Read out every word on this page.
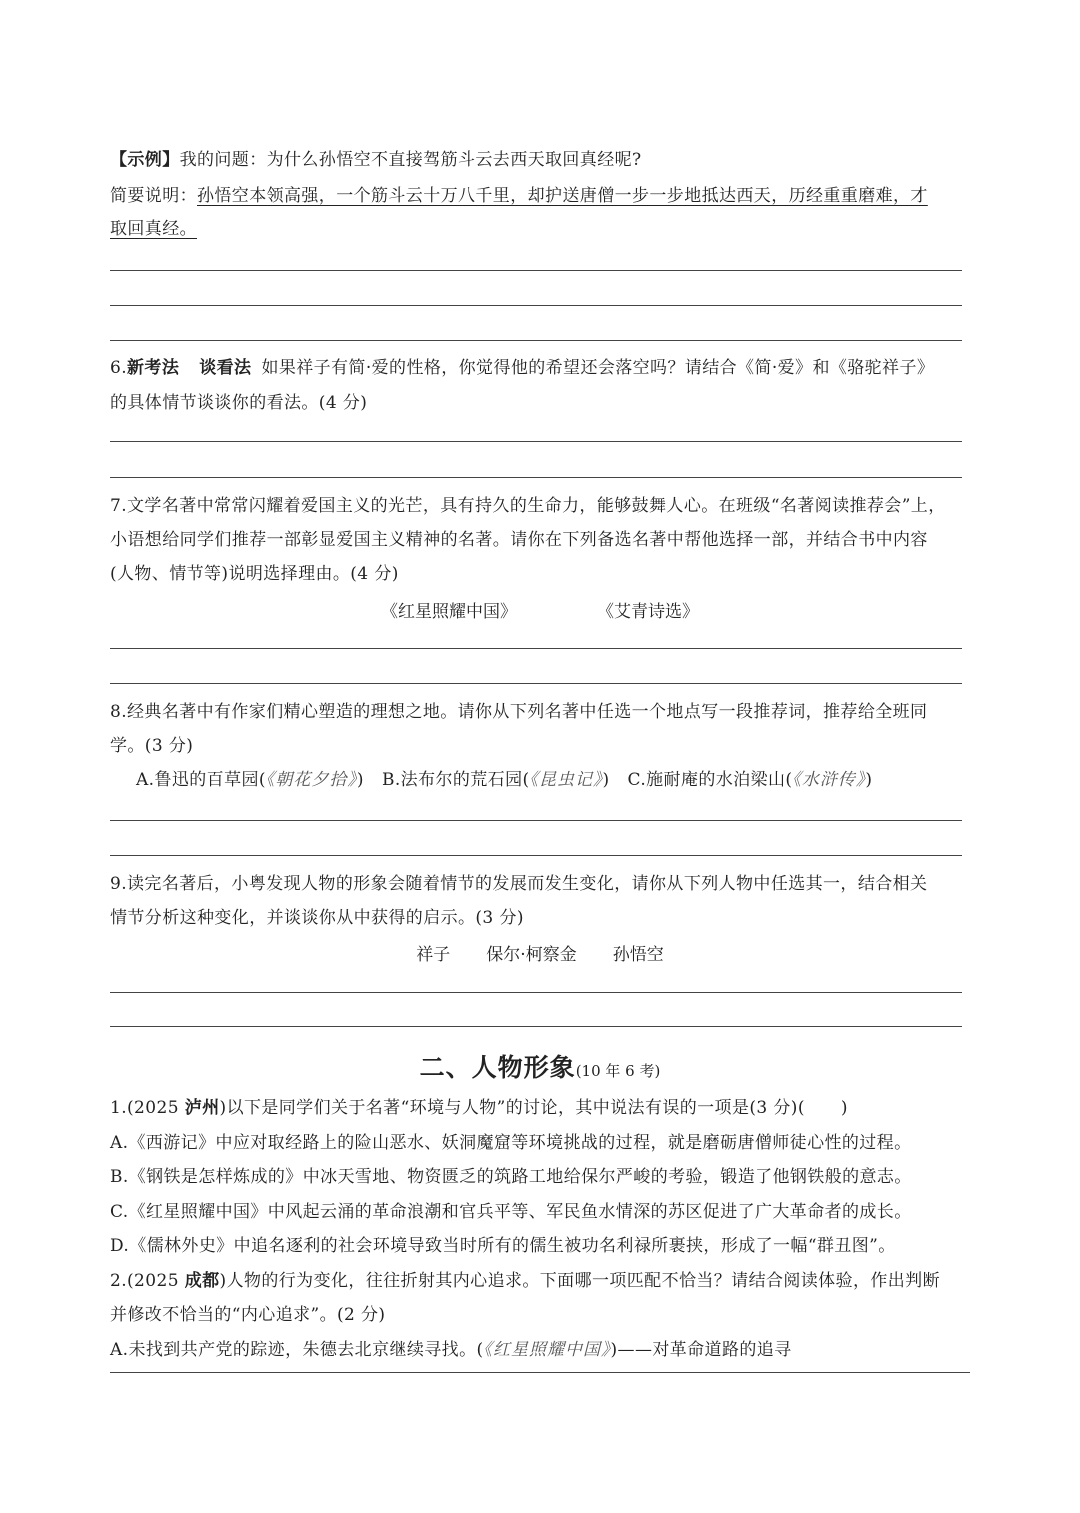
【示例】我的问题：为什么孙悟空不直接驾筋斗云去西天取回真经呢?
简要说明：孙悟空本领高强，一个筋斗云十万八千里，却护送唐僧一步一步地抵达西天，历经重重磨难，才
取回真经。
6.新考法 谈看法 如果祥子有简·爱的性格，你觉得他的希望还会落空吗？请结合《简·爱》和《骆驼祥子》
的具体情节谈谈你的看法。(4 分)
7.文学名著中常常闪耀着爱国主义的光芒，具有持久的生命力，能够鼓舞人心。在班级“名著阅读推荐会”上，
小语想给同学们推荐一部彰显爱国主义精神的名著。请你在下列备选名著中帮他选择一部，并结合书中内容
(人物、情节等)说明选择理由。(4 分)
《红星照耀中国》	《艾青诗选》
8.经典名著中有作家们精心塑造的理想之地。请你从下列名著中任选一个地点写一段推荐词，推荐给全班同
学。(3 分)
A.鲁迅的百草园(《朝花夕拾》) B.法布尔的荒石园(《昆虫记》) C.施耐庵的水泊梁山(《水浒传》)
9.读完名著后，小粤发现人物的形象会随着情节的发展而发生变化，请你从下列人物中任选其一，结合相关
情节分析这种变化，并谈谈你从中获得的启示。(3 分)
祥子 保尔·柯察金 孙悟空
二、人物形象(10 年 6 考)
1.(2025 泸州)以下是同学们关于名著“环境与人物”的讨论，其中说法有误的一项是(3 分)( )
A.《西游记》中应对取经路上的险山恶水、妖洞魔窟等环境挑战的过程，就是磨砺唐僧师徒心性的过程。
B.《钢铁是怎样炼成的》中冰天雪地、物资匮乏的筑路工地给保尔严峻的考验，锻造了他钢铁般的意志。
C.《红星照耀中国》中风起云涌的革命浪潮和官兵平等、军民鱼水情深的苏区促进了广大革命者的成长。
D.《儒林外史》中追名逐利的社会环境导致当时所有的儒生被功名利禄所裹挟，形成了一幅“群丑图”。
2.(2025 成都)人物的行为变化，往往折射其内心追求。下面哪一项匹配不恰当？请结合阅读体验，作出判断
并修改不恰当的“内心追求”。(2 分)
A.未找到共产党的踪迹，朱德去北京继续寻找。(《红星照耀中国》)——对革命道路的追寻
